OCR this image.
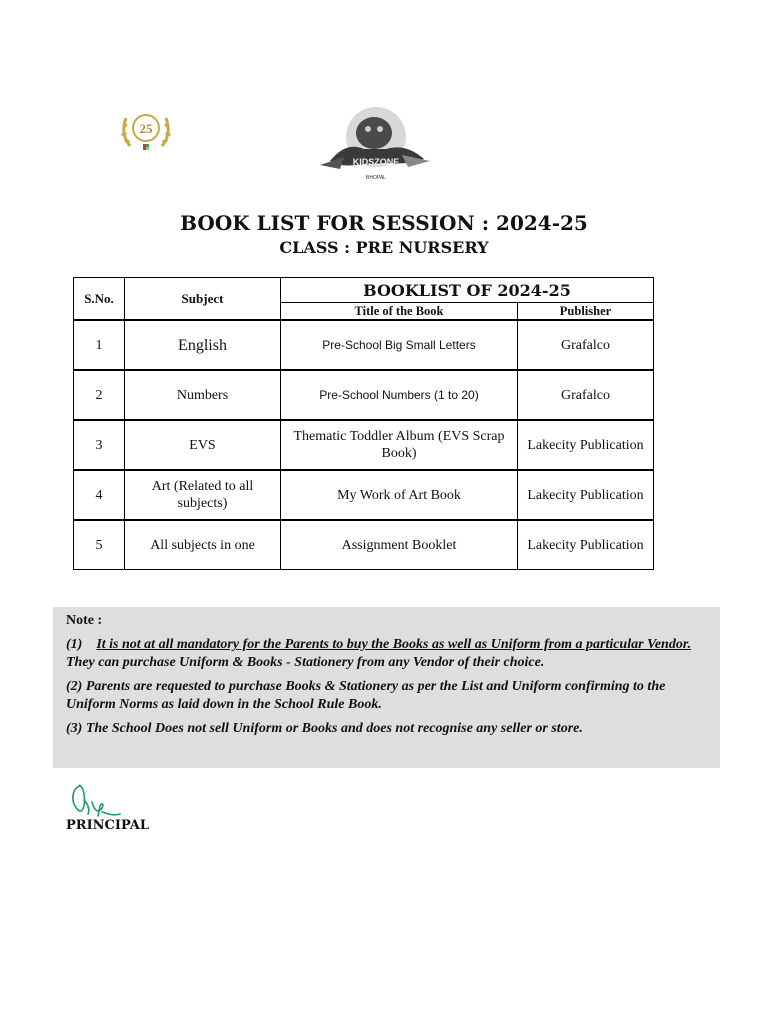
25
KIDSZONE
BHOPAL
BOOK LIST FOR SESSION : 2024-25
CLASS : PRE NURSERY
S.No.	Subject	BOOKLIST OF 2024-25	
		Title of the Book	Publisher
1	English	Pre-School Big Small Letters	Grafalco
2	Numbers	Pre-School Numbers (1 to 20)	Grafalco
3	EVS	Thematic Toddler Album (EVS Scrap Book)	Lakecity Publication
4	Art (Related to all subjects)	My Work of Art Book	Lakecity Publication
5	All subjects in one	Assignment Booklet	Lakecity Publication

Note :

(1) It is not at all mandatory for the Parents to buy the Books as well as Uniform from a particular Vendor.  They can purchase Uniform & Books - Stationery from any Vendor of their choice.

(2) Parents are requested to purchase Books & Stationery as per the List and Uniform confirming to the Uniform Norms as laid down in the School Rule Book.

(3) The School Does not sell Uniform or Books and does not recognise any seller or store.

PRINCIPAL
